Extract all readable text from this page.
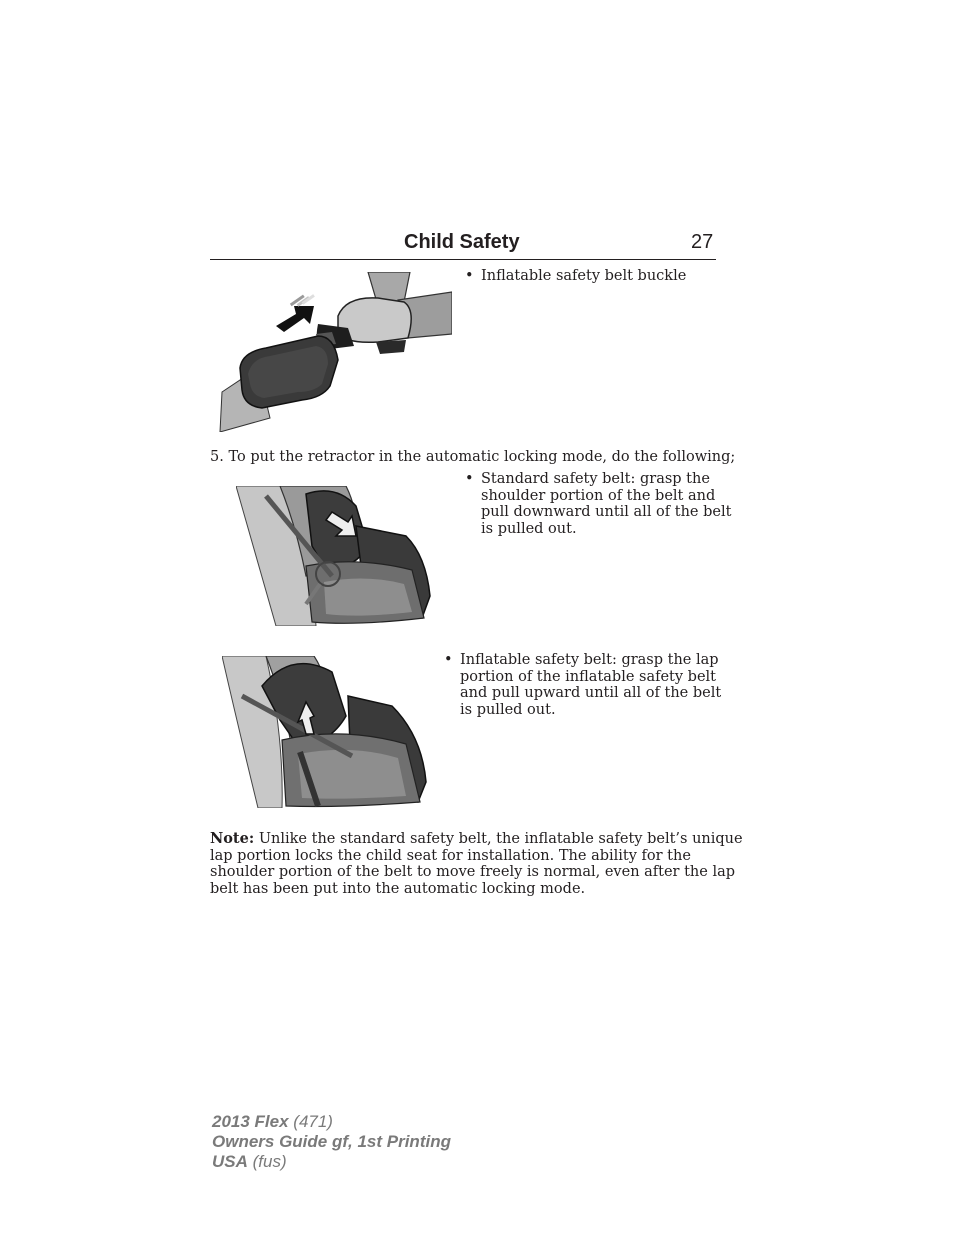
Child Safety	27
• Inflatable safety belt buckle
5. To put the retractor in the automatic locking mode, do the following;
• Standard safety belt: grasp the
shoulder portion of the belt and
pull downward until all of the belt
is pulled out.
• Inflatable safety belt: grasp the lap
portion of the inflatable safety belt
and pull upward until all of the belt
is pulled out.
Note: Unlike the standard safety belt, the inflatable safety belt’s unique
lap portion locks the child seat for installation. The ability for the
shoulder portion of the belt to move freely is normal, even after the lap
belt has been put into the automatic locking mode.
2013 Flex (471)
Owners Guide gf, 1st Printing
USA (fus)
